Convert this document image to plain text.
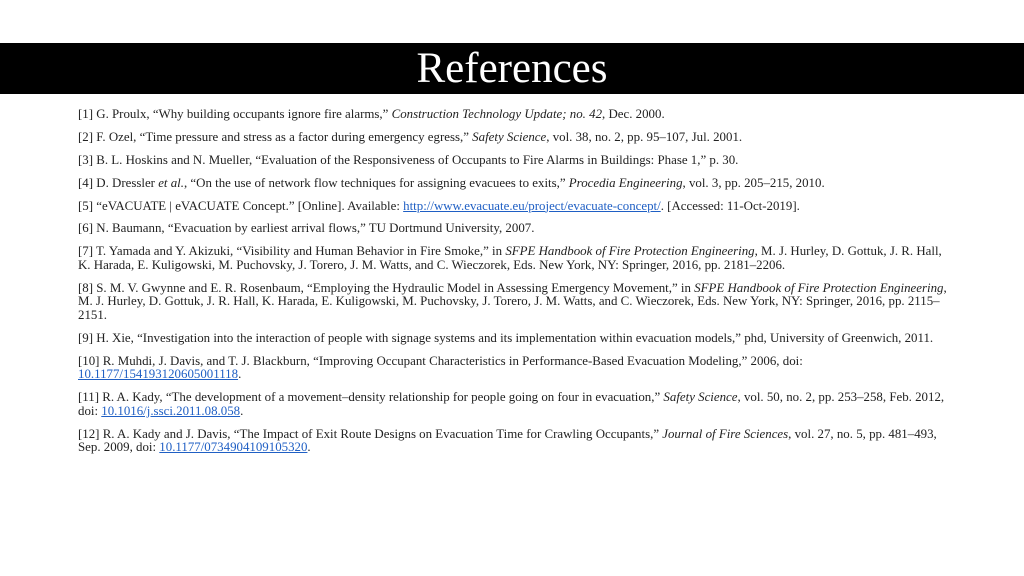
References
[1] G. Proulx, “Why building occupants ignore fire alarms,” Construction Technology Update; no. 42, Dec. 2000.
[2] F. Ozel, “Time pressure and stress as a factor during emergency egress,” Safety Science, vol. 38, no. 2, pp. 95–107, Jul. 2001.
[3] B. L. Hoskins and N. Mueller, “Evaluation of the Responsiveness of Occupants to Fire Alarms in Buildings: Phase 1,” p. 30.
[4] D. Dressler et al., “On the use of network flow techniques for assigning evacuees to exits,” Procedia Engineering, vol. 3, pp. 205–215, 2010.
[5] “eVACUATE | eVACUATE Concept.” [Online]. Available: http://www.evacuate.eu/project/evacuate-concept/. [Accessed: 11-Oct-2019].
[6] N. Baumann, “Evacuation by earliest arrival flows,” TU Dortmund University, 2007.
[7] T. Yamada and Y. Akizuki, “Visibility and Human Behavior in Fire Smoke,” in SFPE Handbook of Fire Protection Engineering, M. J. Hurley, D. Gottuk, J. R. Hall, K. Harada, E. Kuligowski, M. Puchovsky, J. Torero, J. M. Watts, and C. Wieczorek, Eds. New York, NY: Springer, 2016, pp. 2181–2206.
[8] S. M. V. Gwynne and E. R. Rosenbaum, “Employing the Hydraulic Model in Assessing Emergency Movement,” in SFPE Handbook of Fire Protection Engineering, M. J. Hurley, D. Gottuk, J. R. Hall, K. Harada, E. Kuligowski, M. Puchovsky, J. Torero, J. M. Watts, and C. Wieczorek, Eds. New York, NY: Springer, 2016, pp. 2115–2151.
[9] H. Xie, “Investigation into the interaction of people with signage systems and its implementation within evacuation models,” phd, University of Greenwich, 2011.
[10] R. Muhdi, J. Davis, and T. J. Blackburn, “Improving Occupant Characteristics in Performance-Based Evacuation Modeling,” 2006, doi: 10.1177/154193120605001118.
[11] R. A. Kady, “The development of a movement–density relationship for people going on four in evacuation,” Safety Science, vol. 50, no. 2, pp. 253–258, Feb. 2012, doi: 10.1016/j.ssci.2011.08.058.
[12] R. A. Kady and J. Davis, “The Impact of Exit Route Designs on Evacuation Time for Crawling Occupants,” Journal of Fire Sciences, vol. 27, no. 5, pp. 481–493, Sep. 2009, doi: 10.1177/0734904109105320.
